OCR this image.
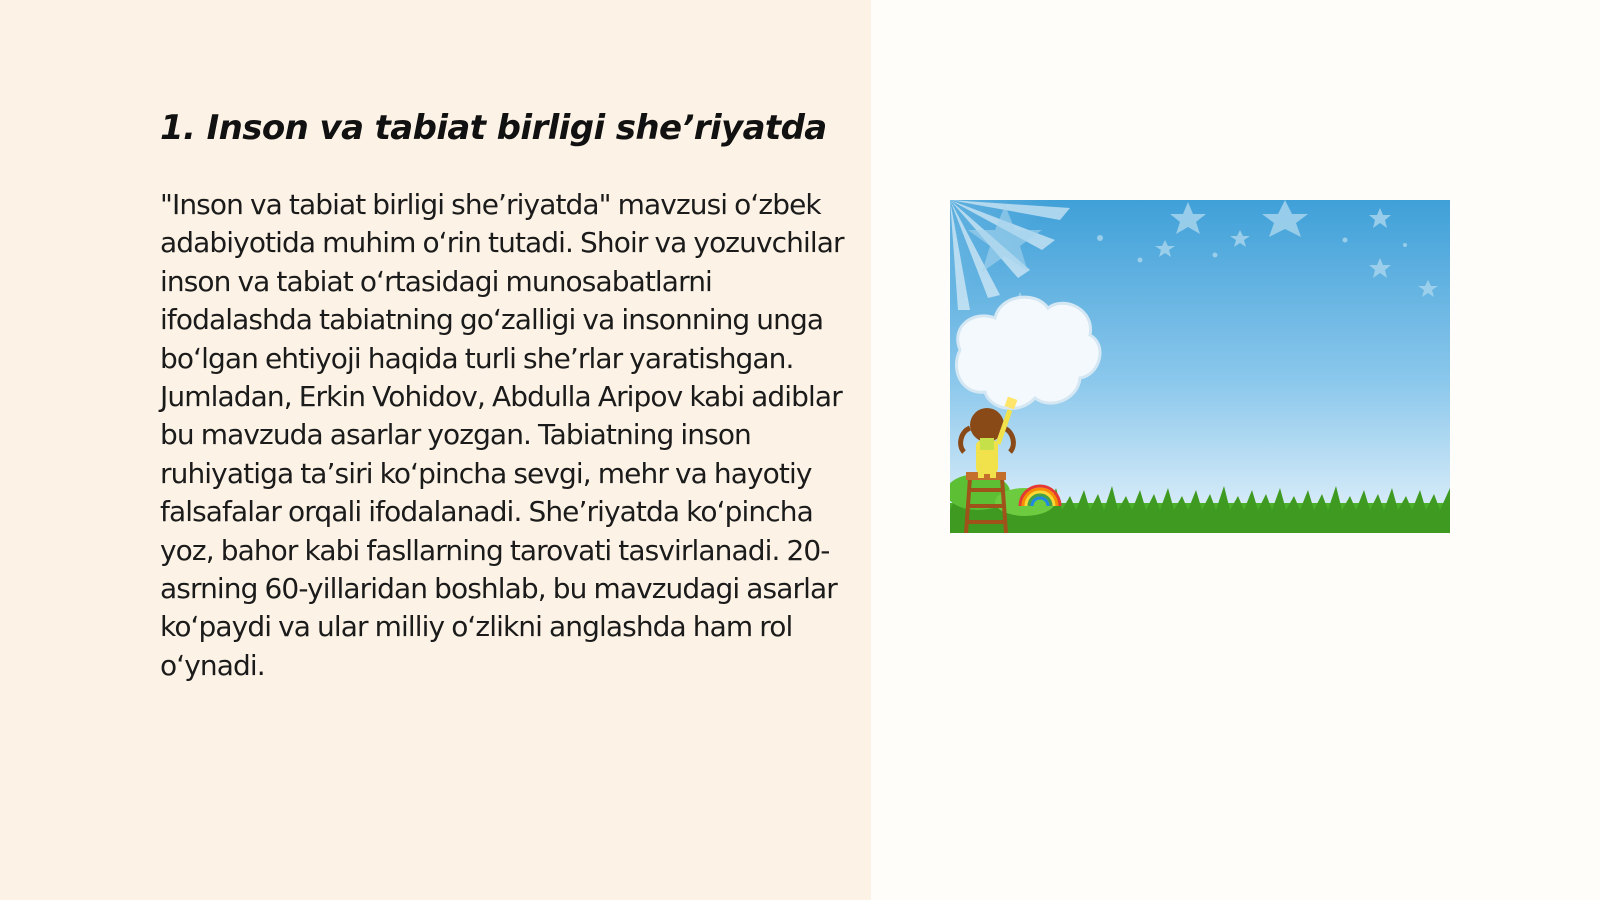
1. Inson va tabiat birligi she’riyatda

"Inson va tabiat birligi she’riyatda" mavzusi oʻzbek adabiyotida muhim oʻrin tutadi. Shoir va yozuvchilar inson va tabiat oʻrtasidagi munosabatlarni ifodalashda tabiatning goʻzalligi va insonning unga boʻlgan ehtiyoji haqida turli she’rlar yaratishgan. Jumladan, Erkin Vohidov, Abdulla Aripov kabi adiblar bu mavzuda asarlar yozgan. Tabiatning inson ruhiyatiga ta’siri koʻpincha sevgi, mehr va hayotiy falsafalar orqali ifodalanadi. She’riyatda koʻpincha yoz, bahor kabi fasllarning tarovati tasvirlanadi. 20-asrning 60-yillaridan boshlab, bu mavzudagi asarlar koʻpaydi va ular milliy oʻzlikni anglashda ham rol oʻynadi.
